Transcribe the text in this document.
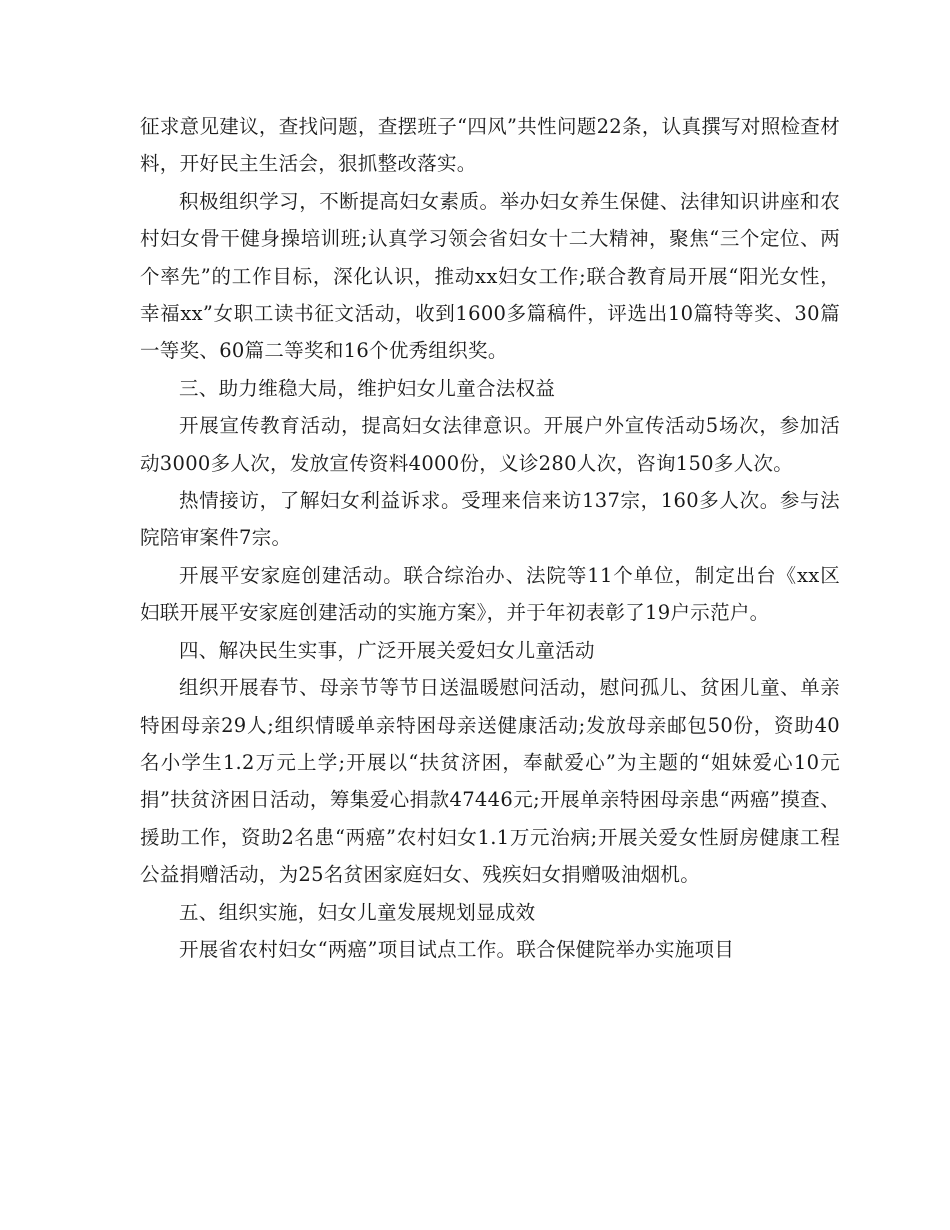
征求意见建议，查找问题，查摆班子“四风”共性问题22条，认真撰写对照检查材料，开好民主生活会，狠抓整改落实。

积极组织学习，不断提高妇女素质。举办妇女养生保健、法律知识讲座和农村妇女骨干健身操培训班;认真学习领会省妇女十二大精神，聚焦“三个定位、两个率先”的工作目标，深化认识，推动xx妇女工作;联合教育局开展“阳光女性，幸福xx”女职工读书征文活动，收到1600多篇稿件，评选出10篇特等奖、30篇一等奖、60篇二等奖和16个优秀组织奖。

三、助力维稳大局，维护妇女儿童合法权益

开展宣传教育活动，提高妇女法律意识。开展户外宣传活动5场次，参加活动3000多人次，发放宣传资料4000份，义诊280人次，咨询150多人次。

热情接访，了解妇女利益诉求。受理来信来访137宗，160多人次。参与法院陪审案件7宗。

开展平安家庭创建活动。联合综治办、法院等11个单位，制定出台《xx区妇联开展平安家庭创建活动的实施方案》，并于年初表彰了19户示范户。

四、解决民生实事，广泛开展关爱妇女儿童活动

组织开展春节、母亲节等节日送温暖慰问活动，慰问孤儿、贫困儿童、单亲特困母亲29人;组织情暖单亲特困母亲送健康活动;发放母亲邮包50份，资助40名小学生1.2万元上学;开展以“扶贫济困，奉献爱心”为主题的“姐妹爱心10元捐”扶贫济困日活动，筹集爱心捐款47446元;开展单亲特困母亲患“两癌”摸查、援助工作，资助2名患“两癌”农村妇女1.1万元治病;开展关爱女性厨房健康工程公益捐赠活动，为25名贫困家庭妇女、残疾妇女捐赠吸油烟机。

五、组织实施，妇女儿童发展规划显成效

开展省农村妇女“两癌”项目试点工作。联合保健院举办实施项目
